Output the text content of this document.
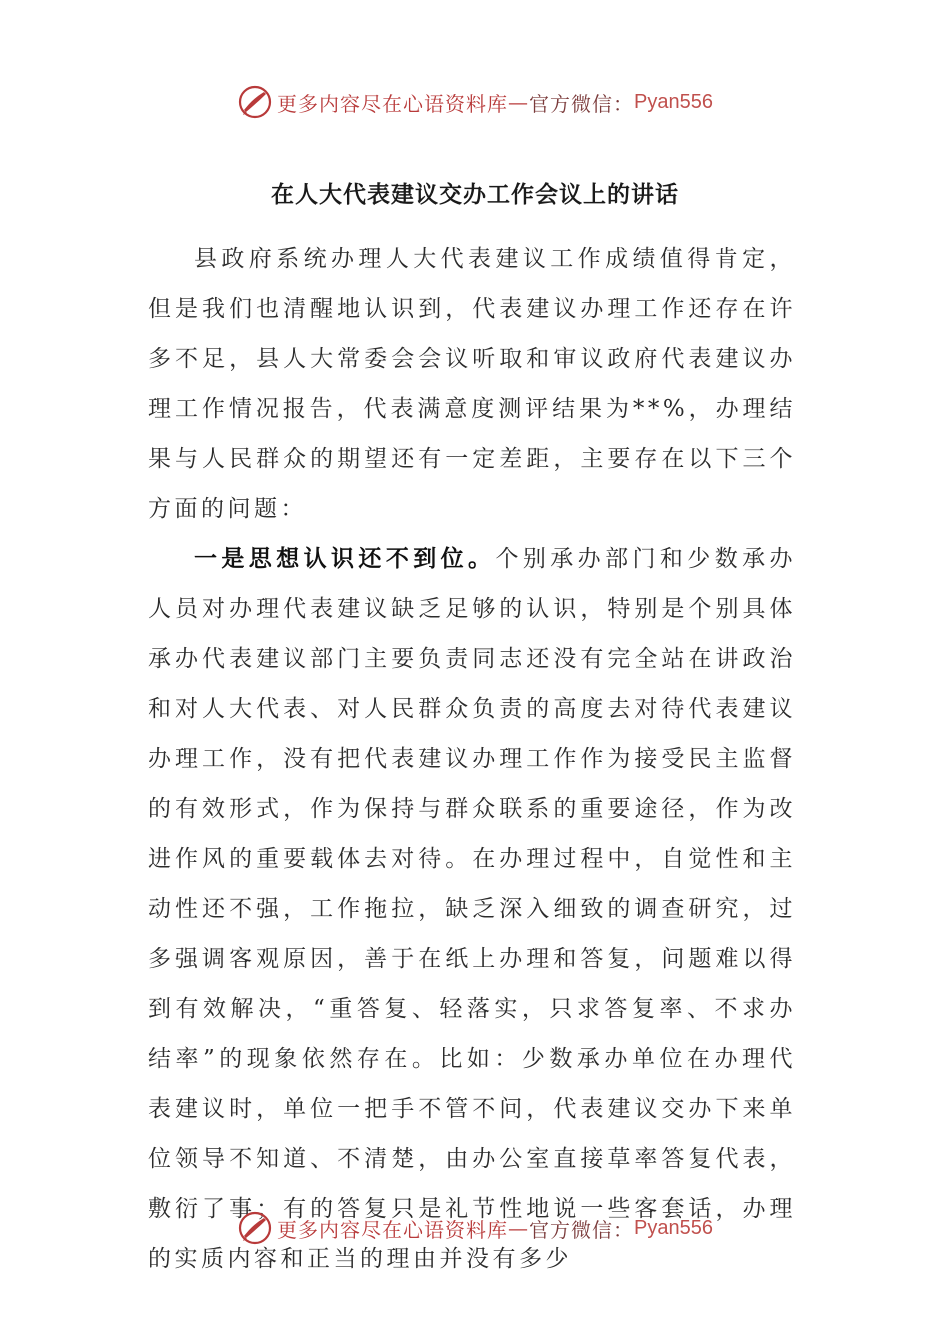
更多内容尽在心语资料库 — 官方微信： Pyan556
在人大代表建议交办工作会议上的讲话

县政府系统办理人大代表建议工作成绩值得肯定，但是我们也清醒地认识到，代表建议办理工作还存在许多不足，县人大常委会会议听取和审议政府代表建议办理工作情况报告，代表满意度测评结果为**%，办理结果与人民群众的期望还有一定差距，主要存在以下三个方面的问题：

一是思想认识还不到位。个别承办部门和少数承办人员对办理代表建议缺乏足够的认识，特别是个别具体承办代表建议部门主要负责同志还没有完全站在讲政治和对人大代表、对人民群众负责的高度去对待代表建议办理工作，没有把代表建议办理工作作为接受民主监督的有效形式，作为保持与群众联系的重要途径，作为改进作风的重要载体去对待。在办理过程中，自觉性和主动性还不强，工作拖拉，缺乏深入细致的调查研究，过多强调客观原因，善于在纸上办理和答复，问题难以得到有效解决，“重答复、轻落实，只求答复率、不求办结率”的现象依然存在。比如：少数承办单位在办理代表建议时，单位一把手不管不问，代表建议交办下来单位领导不知道、不清楚，由办公室直接草率答复代表，敷衍了事；有的答复只是礼节性地说一些客套话，办理的实质内容和正当的理由并没有多少

更多内容尽在心语资料库 — 官方微信： Pyan556
